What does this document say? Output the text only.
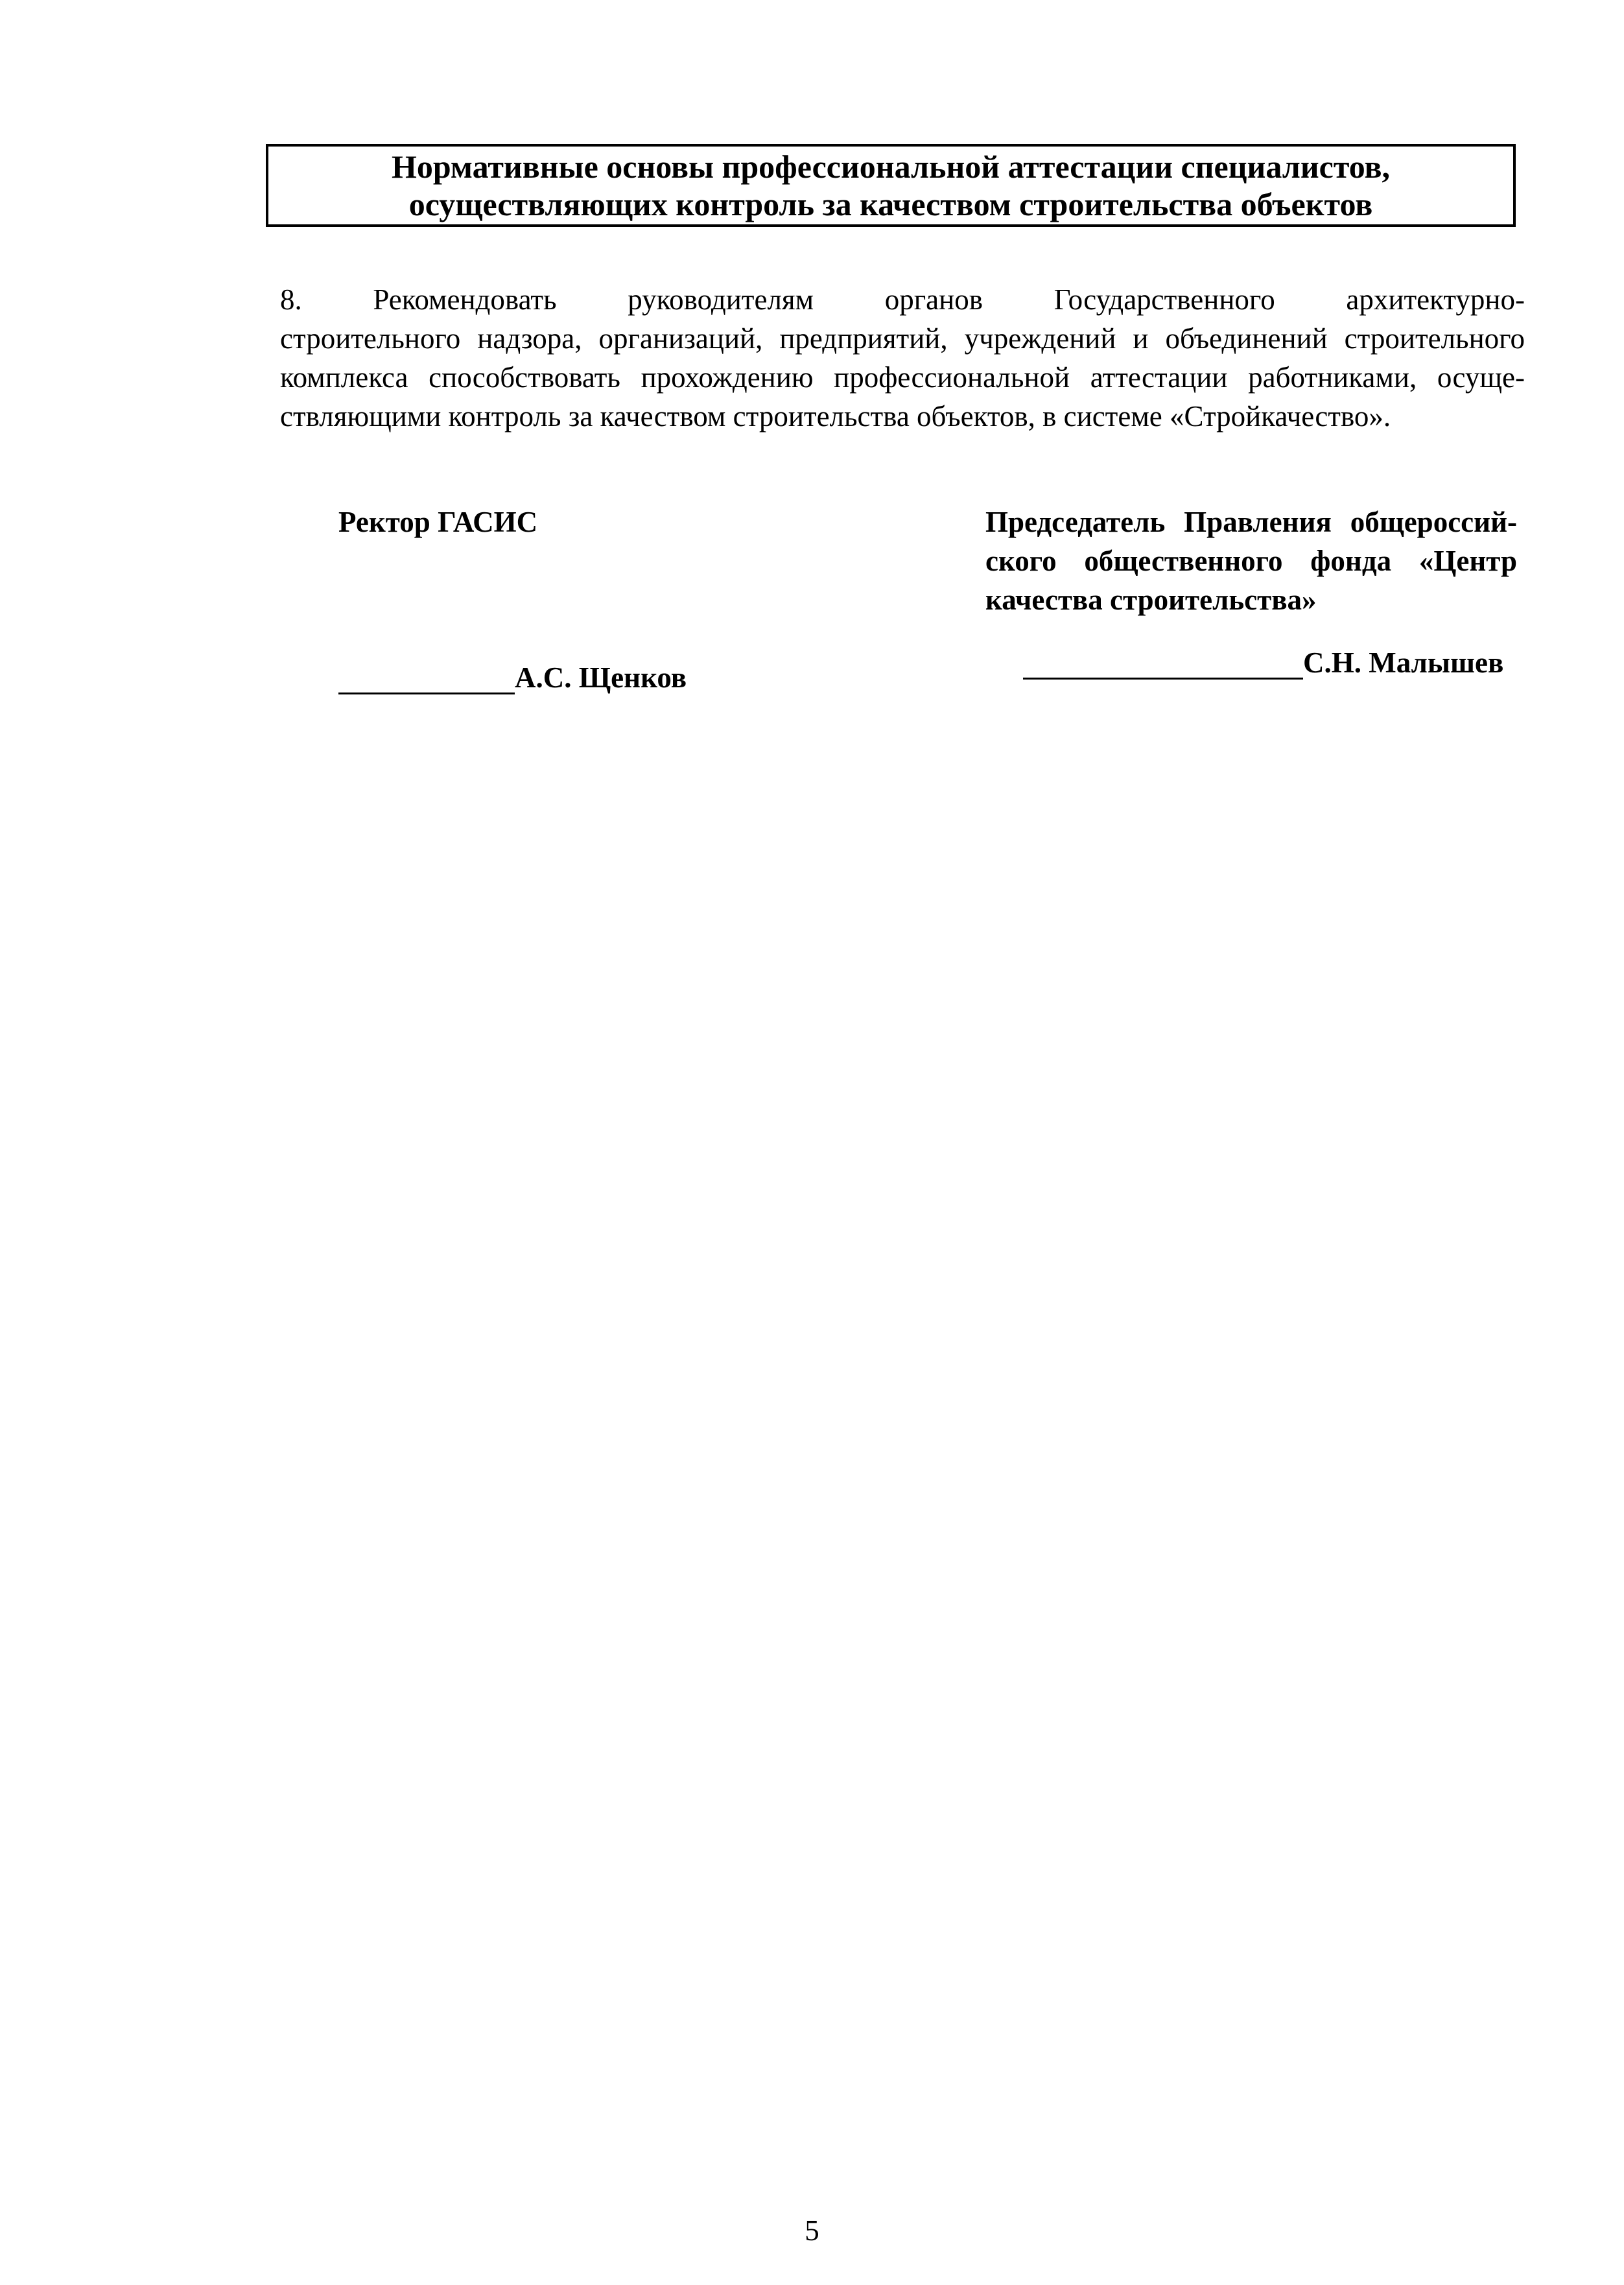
Нормативные основы профессиональной аттестации специалистов,
осуществляющих контроль за качеством строительства объектов
8. Рекомендовать руководителям органов Государственного архитектурно-
строительного надзора, организаций, предприятий, учреждений и объединений строительного
комплекса способствовать прохождению профессиональной аттестации работниками, осуще-
ствляющими контроль за качеством строительства объектов, в системе «Стройкачество».
Ректор ГАСИС	Председатель Правления общероссий-
ского общественного фонда «Центр
качества строительства»
А.С. Щенков	С.Н. Малышев
5
